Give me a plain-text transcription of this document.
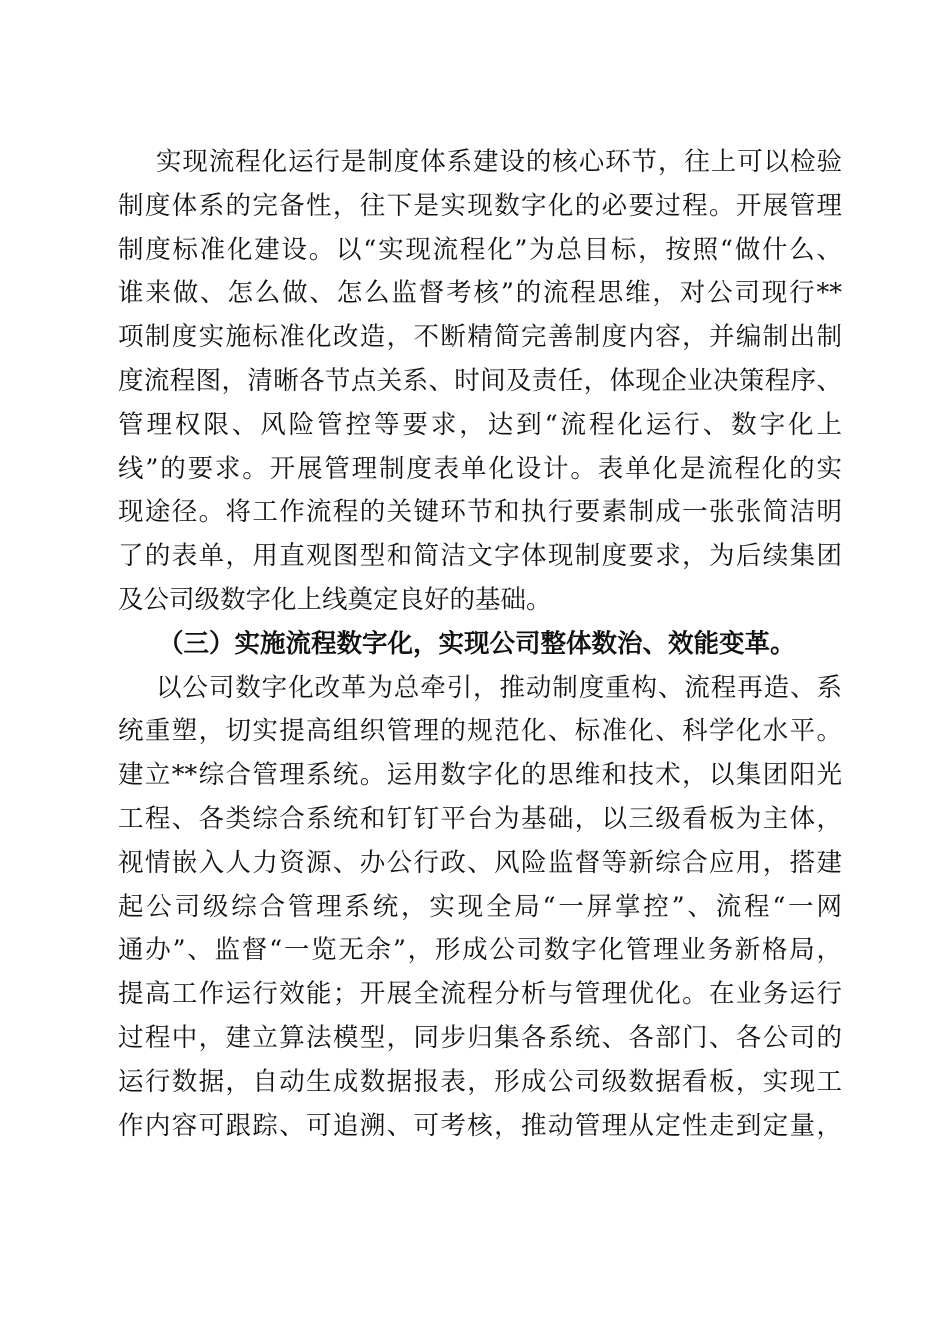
实现流程化运行是制度体系建设的核心环节，往上可以检验
制度体系的完备性，往下是实现数字化的必要过程。开展管理
制度标准化建设。以“实现流程化”为总目标，按照“做什么、
谁来做、怎么做、怎么监督考核”的流程思维，对公司现行**
项制度实施标准化改造，不断精简完善制度内容，并编制出制
度流程图，清晰各节点关系、时间及责任，体现企业决策程序、
管理权限、风险管控等要求，达到“流程化运行、数字化上
线”的要求。开展管理制度表单化设计。表单化是流程化的实
现途径。将工作流程的关键环节和执行要素制成一张张简洁明
了的表单，用直观图型和简洁文字体现制度要求，为后续集团
及公司级数字化上线奠定良好的基础。
（三）实施流程数字化，实现公司整体数治、效能变革。
以公司数字化改革为总牵引，推动制度重构、流程再造、系
统重塑，切实提高组织管理的规范化、标准化、科学化水平。
建立**综合管理系统。运用数字化的思维和技术，以集团阳光
工程、各类综合系统和钉钉平台为基础，以三级看板为主体，
视情嵌入人力资源、办公行政、风险监督等新综合应用，搭建
起公司级综合管理系统，实现全局“一屏掌控”、流程“一网
通办”、监督“一览无余”，形成公司数字化管理业务新格局，
提高工作运行效能；开展全流程分析与管理优化。在业务运行
过程中，建立算法模型，同步归集各系统、各部门、各公司的
运行数据，自动生成数据报表，形成公司级数据看板，实现工
作内容可跟踪、可追溯、可考核，推动管理从定性走到定量，
